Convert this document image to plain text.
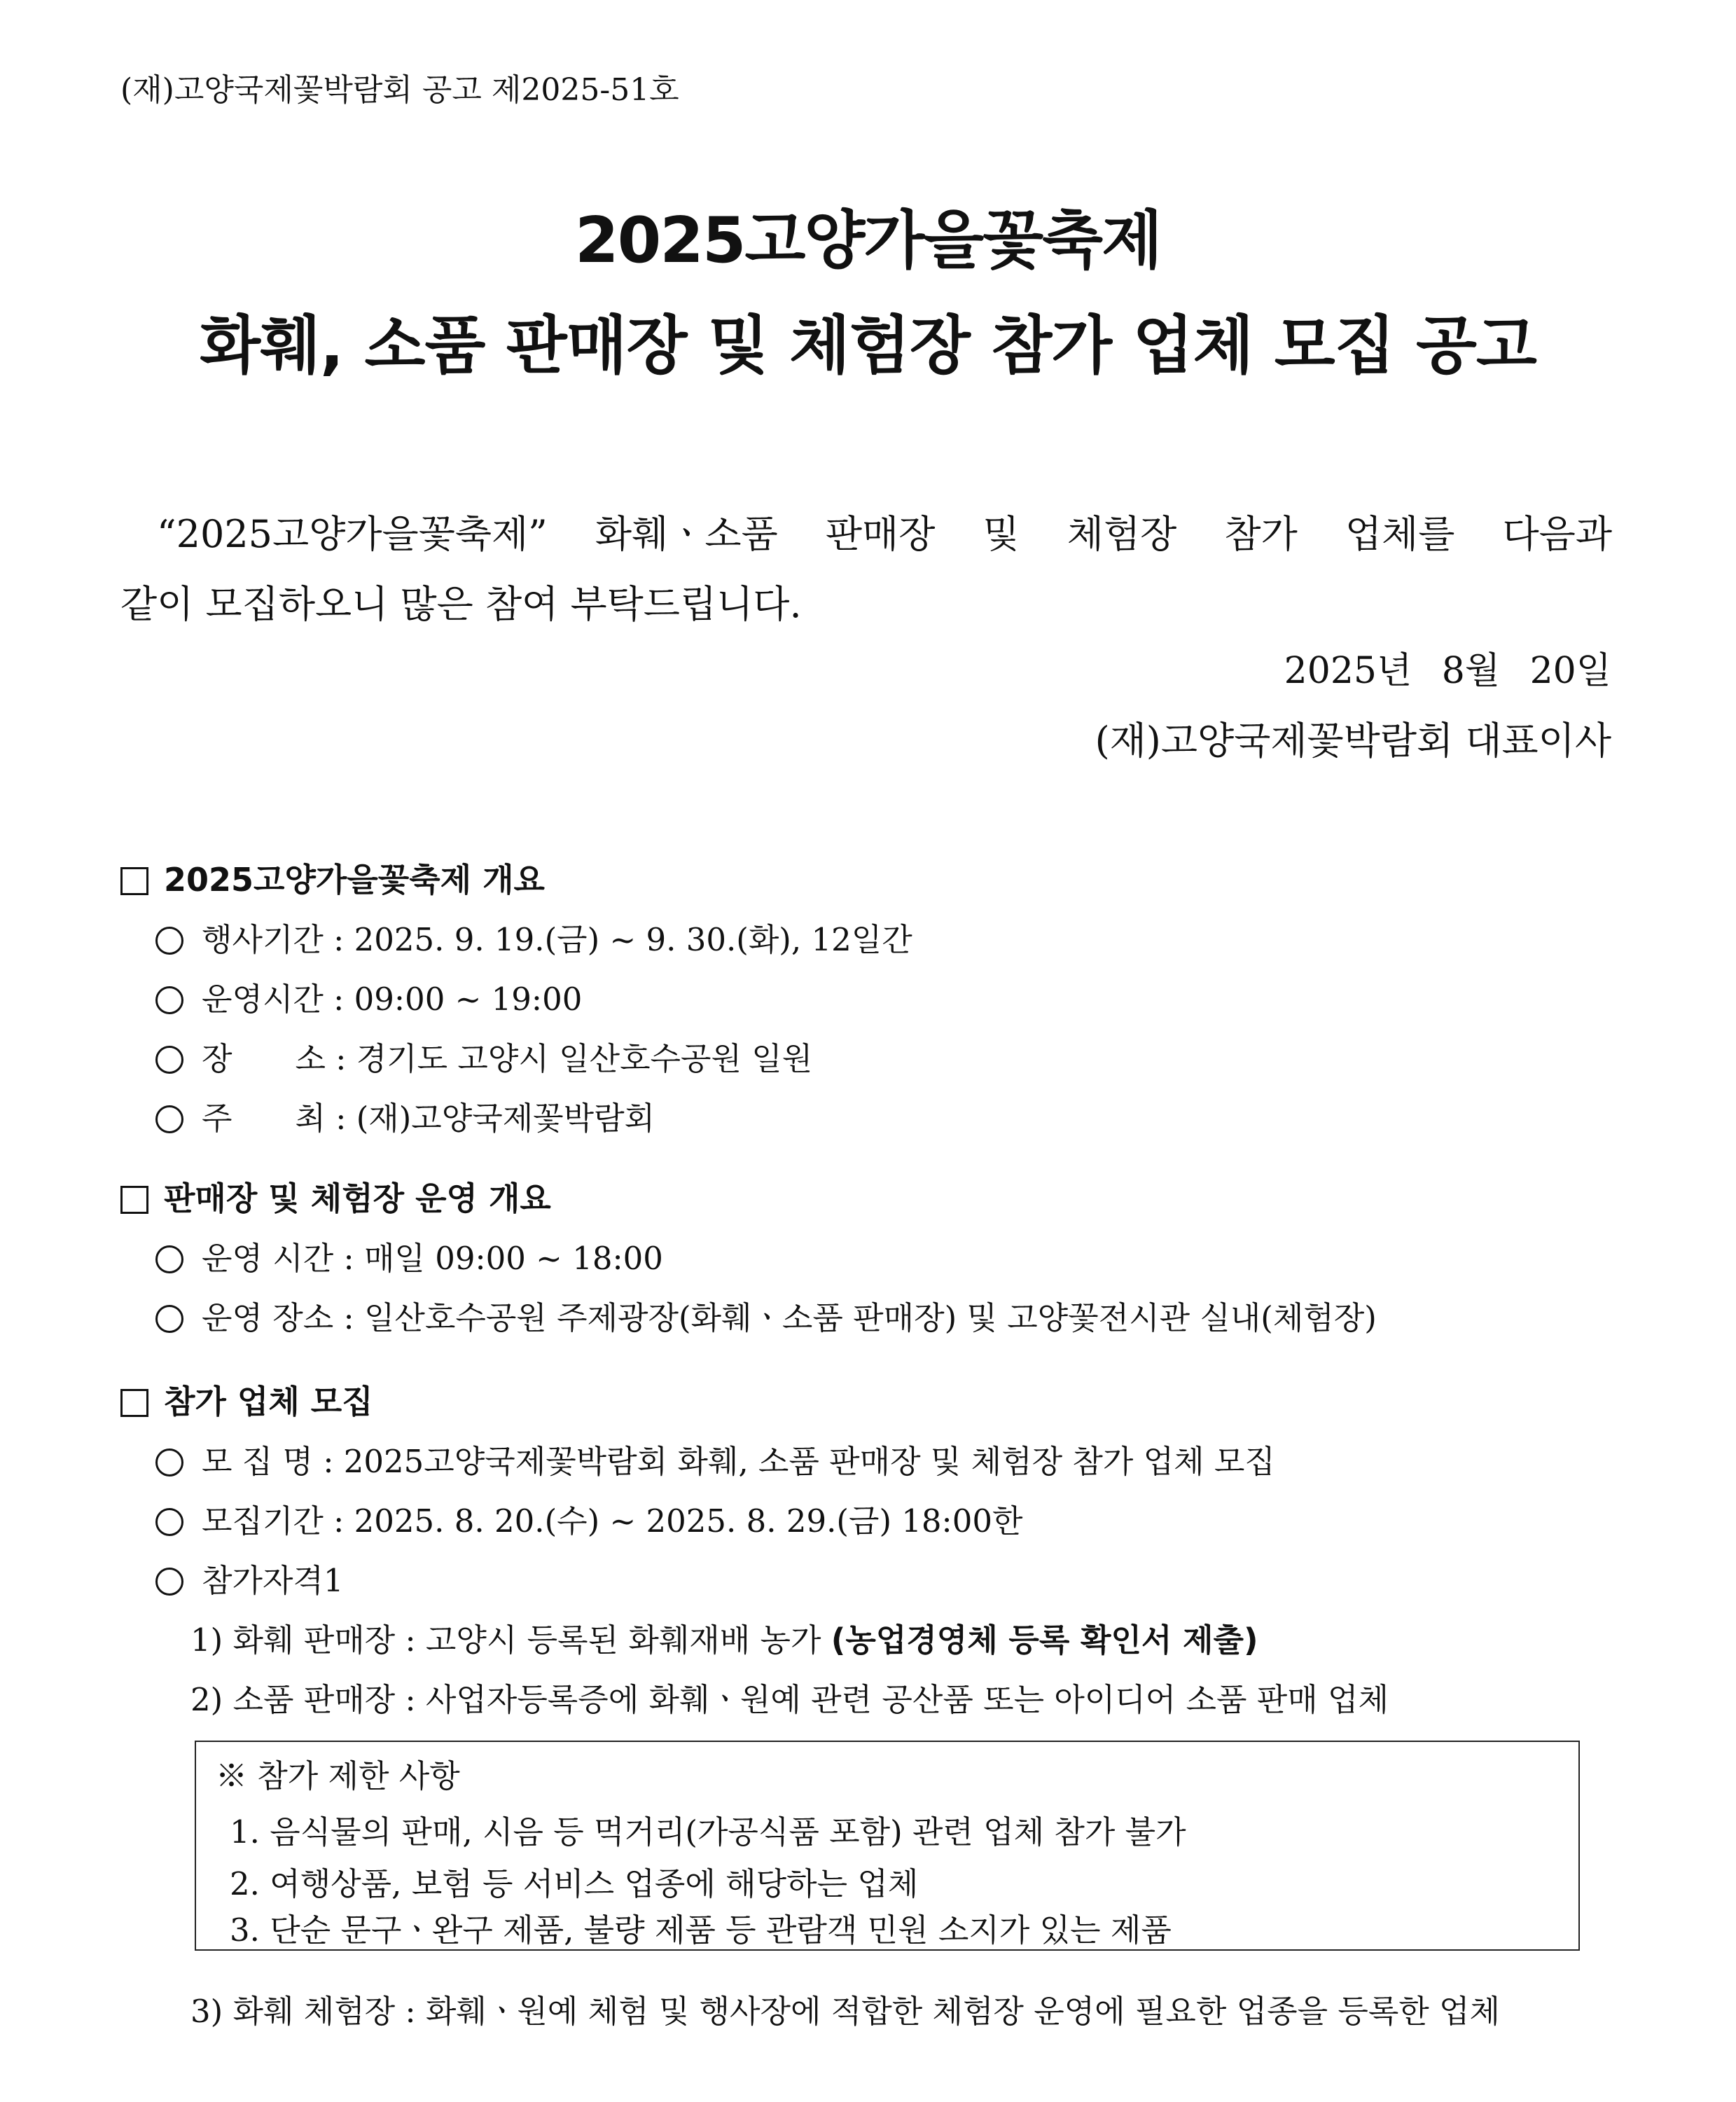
(재)고양국제꽃박람회 공고 제2025-51호
2025고양가을꽃축제
화훼, 소품 판매장 및 체험장 참가 업체 모집 공고
“2025고양가을꽃축제” 화훼ㆍ소품 판매장 및 체험장 참가 업체를 다음과
같이 모집하오니 많은 참여 부탁드립니다.
2025년 8월 20일
(재)고양국제꽃박람회 대표이사
2025고양가을꽃축제 개요
행사기간 : 2025. 9. 19.(금) ~ 9. 30.(화), 12일간
운영시간 : 09:00 ~ 19:00
장　　소 : 경기도 고양시 일산호수공원 일원
주　　최 : (재)고양국제꽃박람회
판매장 및 체험장 운영 개요
운영 시간 : 매일 09:00 ~ 18:00
운영 장소 : 일산호수공원 주제광장(화훼ㆍ소품 판매장) 및 고양꽃전시관 실내(체험장)
참가 업체 모집
모 집 명 : 2025고양국제꽃박람회 화훼, 소품 판매장 및 체험장 참가 업체 모집
모집기간 : 2025. 8. 20.(수) ~ 2025. 8. 29.(금) 18:00한
참가자격1
1) 화훼 판매장 : 고양시 등록된 화훼재배 농가 (농업경영체 등록 확인서 제출)
2) 소품 판매장 : 사업자등록증에 화훼ㆍ원예 관련 공산품 또는 아이디어 소품 판매 업체
※ 참가 제한 사항
1. 음식물의 판매, 시음 등 먹거리(가공식품 포함) 관련 업체 참가 불가
2. 여행상품, 보험 등 서비스 업종에 해당하는 업체
3. 단순 문구ㆍ완구 제품, 불량 제품 등 관람객 민원 소지가 있는 제품
3) 화훼 체험장 : 화훼ㆍ원예 체험 및 행사장에 적합한 체험장 운영에 필요한 업종을 등록한 업체
